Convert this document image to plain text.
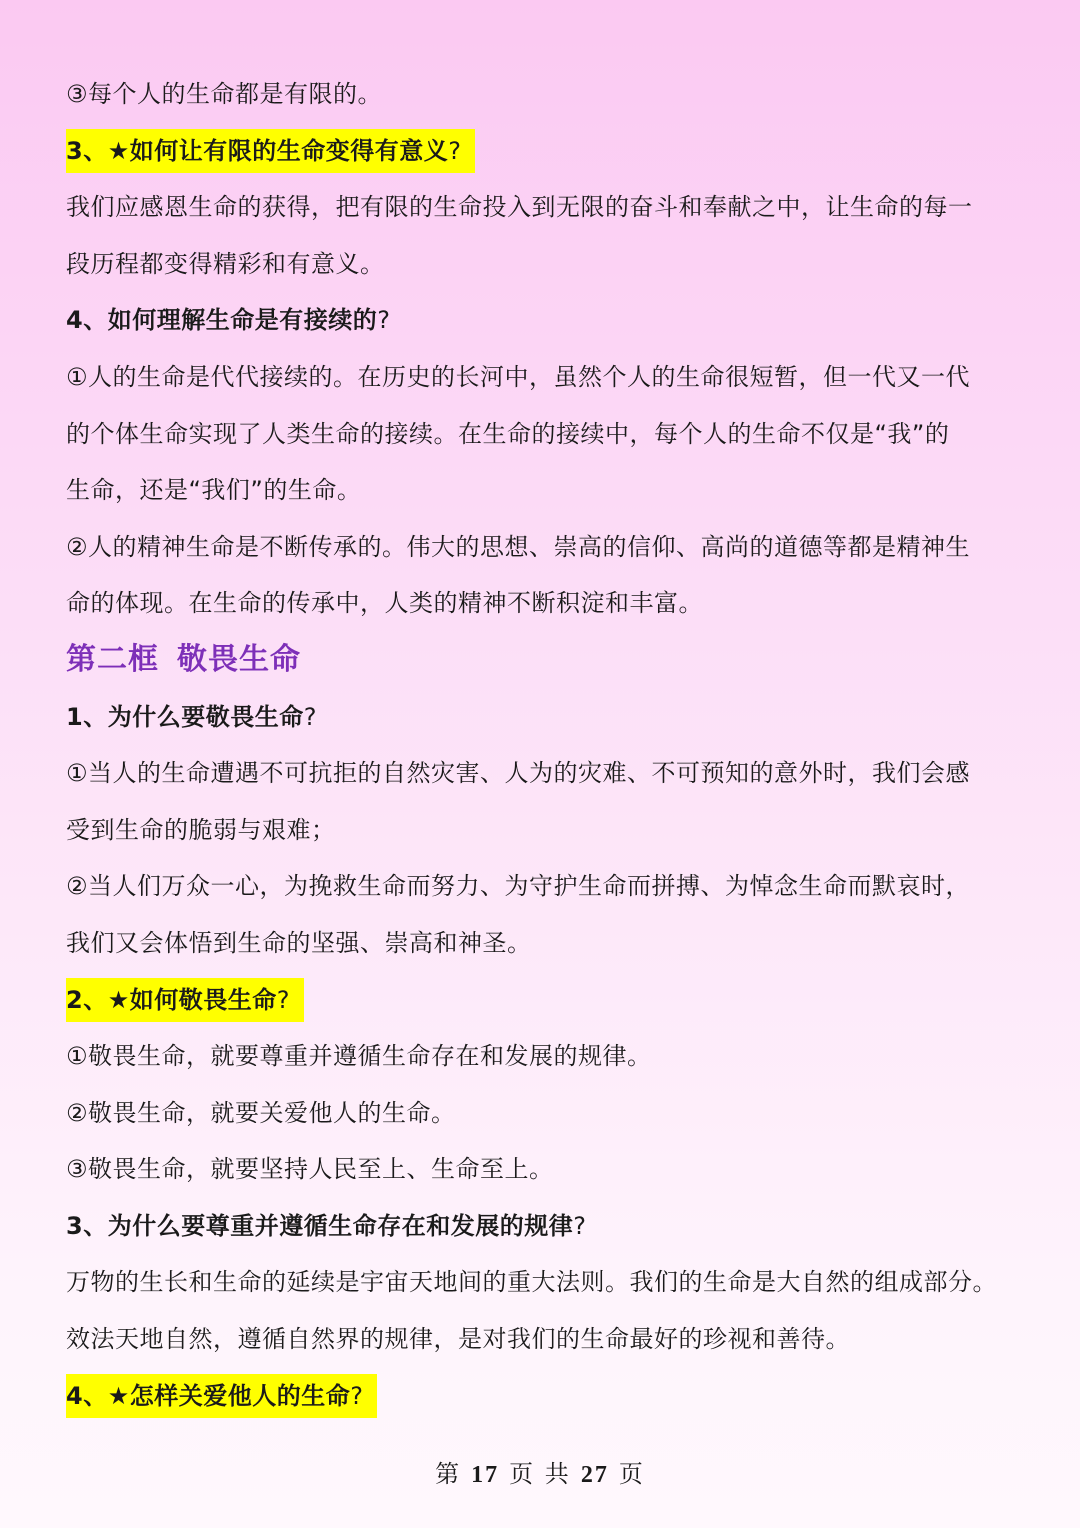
③每个人的生命都是有限的。
3、★如何让有限的生命变得有意义?
我们应感恩生命的获得，把有限的生命投入到无限的奋斗和奉献之中，让生命的每一
段历程都变得精彩和有意义。
4、如何理解生命是有接续的?
①人的生命是代代接续的。在历史的长河中，虽然个人的生命很短暂，但一代又一代
的个体生命实现了人类生命的接续。在生命的接续中，每个人的生命不仅是“我”的
生命，还是“我们”的生命。
②人的精神生命是不断传承的。伟大的思想、崇高的信仰、高尚的道德等都是精神生
命的体现。在生命的传承中，人类的精神不断积淀和丰富。
第二框 敬畏生命
1、为什么要敬畏生命?
①当人的生命遭遇不可抗拒的自然灾害、人为的灾难、不可预知的意外时，我们会感
受到生命的脆弱与艰难；
②当人们万众一心，为挽救生命而努力、为守护生命而拼搏、为悼念生命而默哀时，
我们又会体悟到生命的坚强、崇高和神圣。
2、★如何敬畏生命?
①敬畏生命，就要尊重并遵循生命存在和发展的规律。
②敬畏生命，就要关爱他人的生命。
③敬畏生命，就要坚持人民至上、生命至上。
3、为什么要尊重并遵循生命存在和发展的规律?
万物的生长和生命的延续是宇宙天地间的重大法则。我们的生命是大自然的组成部分。
效法天地自然，遵循自然界的规律，是对我们的生命最好的珍视和善待。
4、★怎样关爱他人的生命?
第 17 页 共 27 页
